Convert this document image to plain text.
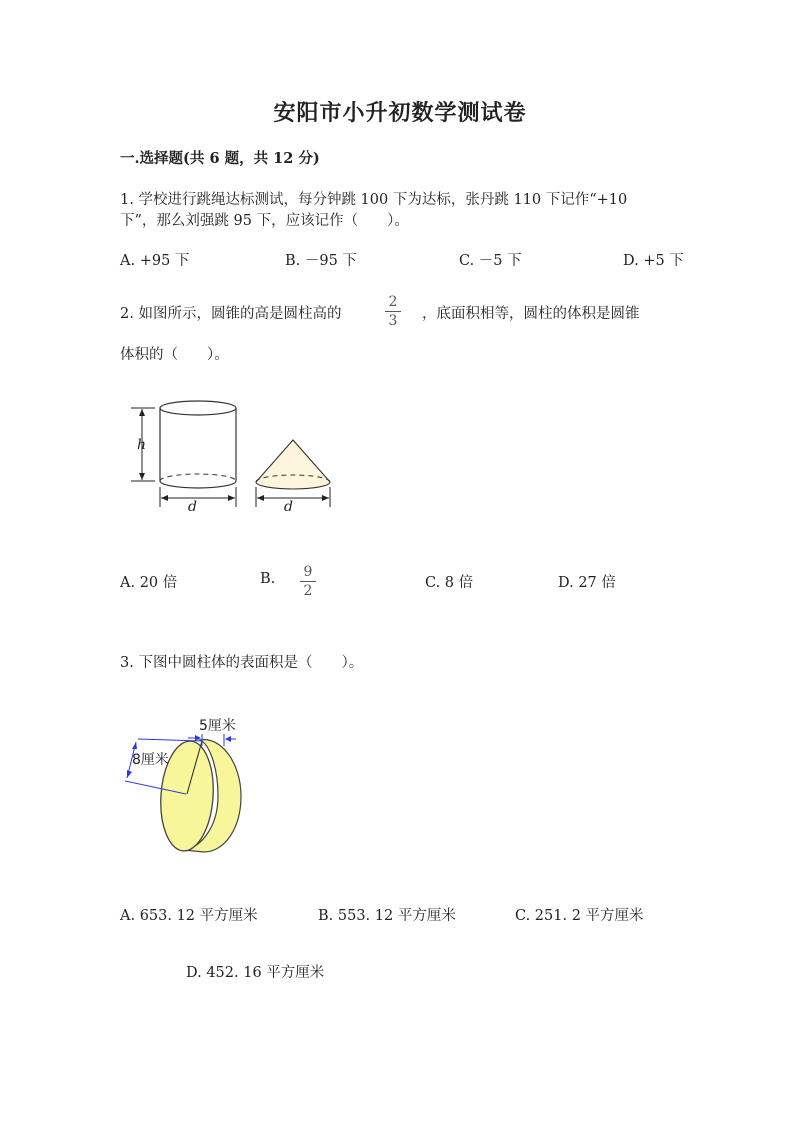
安阳市小升初数学测试卷
一.选择题(共 6 题，共 12 分)
1. 学校进行跳绳达标测试，每分钟跳 100 下为达标，张丹跳 110 下记作“+10
下”，那么刘强跳 95 下，应该记作（　　）。
A. +95 下	B. －95 下	C. －5 下	D. +5 下
2. 如图所示，圆锥的高是圆柱高的
2
3	，底面积相等，圆柱的体积是圆锥
体积的（　　）。
h
d	d
A. 20 倍	B.	9
2	C. 8 倍	D. 27 倍
3. 下图中圆柱体的表面积是（　　）。
5厘米
8厘米
A. 653. 12 平方厘米	B. 553. 12 平方厘米	C. 251. 2 平方厘米
D. 452. 16 平方厘米
